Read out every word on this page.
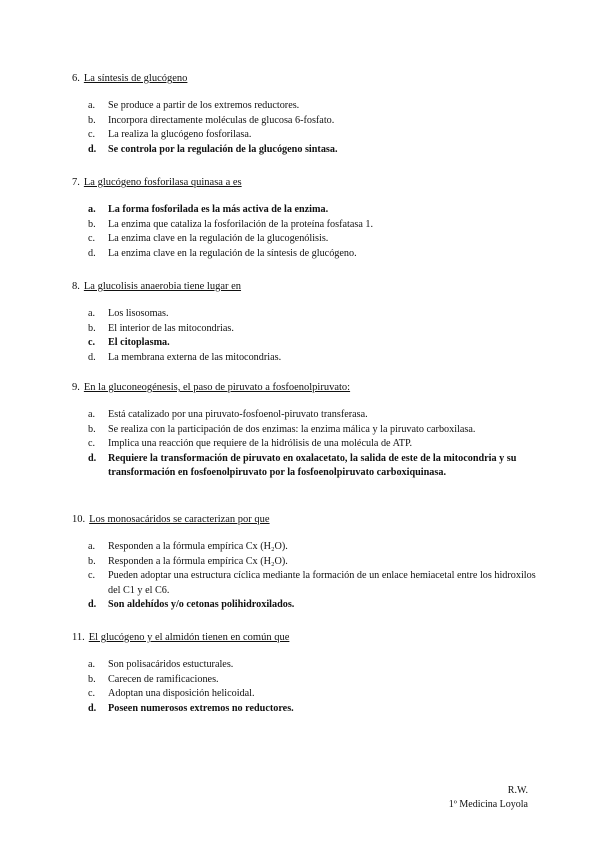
6. La síntesis de glucógeno
a. Se produce a partir de los extremos reductores.
b. Incorpora directamente moléculas de glucosa 6-fosfato.
c. La realiza la glucógeno fosforilasa.
d. Se controla por la regulación de la glucógeno sintasa.
7. La glucógeno fosforilasa quinasa a es
a. La forma fosforilada es la más activa de la enzima.
b. La enzima que cataliza la fosforilación de la proteína fosfatasa 1.
c. La enzima clave en la regulación de la glucogenólisis.
d. La enzima clave en la regulación de la síntesis de glucógeno.
8. La glucolisis anaerobia tiene lugar en
a. Los lisosomas.
b. El interior de las mitocondrias.
c. El citoplasma.
d. La membrana externa de las mitocondrias.
9. En la gluconeogénesis, el paso de piruvato a fosfoenolpiruvato:
a. Está catalizado por una piruvato-fosfoenol-piruvato transferasa.
b. Se realiza con la participación de dos enzimas: la enzima málica y la piruvato carboxilasa.
c. Implica una reacción que requiere de la hidrólisis de una molécula de ATP.
d. Requiere la transformación de piruvato en oxalacetato, la salida de este de la mitocondria y su transformación en fosfoenolpiruvato por la fosfoenolpiruvato carboxiquinasa.
10. Los monosacáridos se caracterizan por que
a. Responden a la fórmula empírica Cx (H₂O).
b. Responden a la fórmula empírica Cx (H₂O).
c. Pueden adoptar una estructura cíclica mediante la formación de un enlace hemiacetal entre los hidroxilos del C1 y el C6.
d. Son aldehídos y/o cetonas polihidroxilados.
11. El glucógeno y el almidón tienen en común que
a. Son polisacáridos estucturales.
b. Carecen de ramificaciones.
c. Adoptan una disposición helicoidal.
d. Poseen numerosos extremos no reductores.
R.W.
1º Medicina Loyola
